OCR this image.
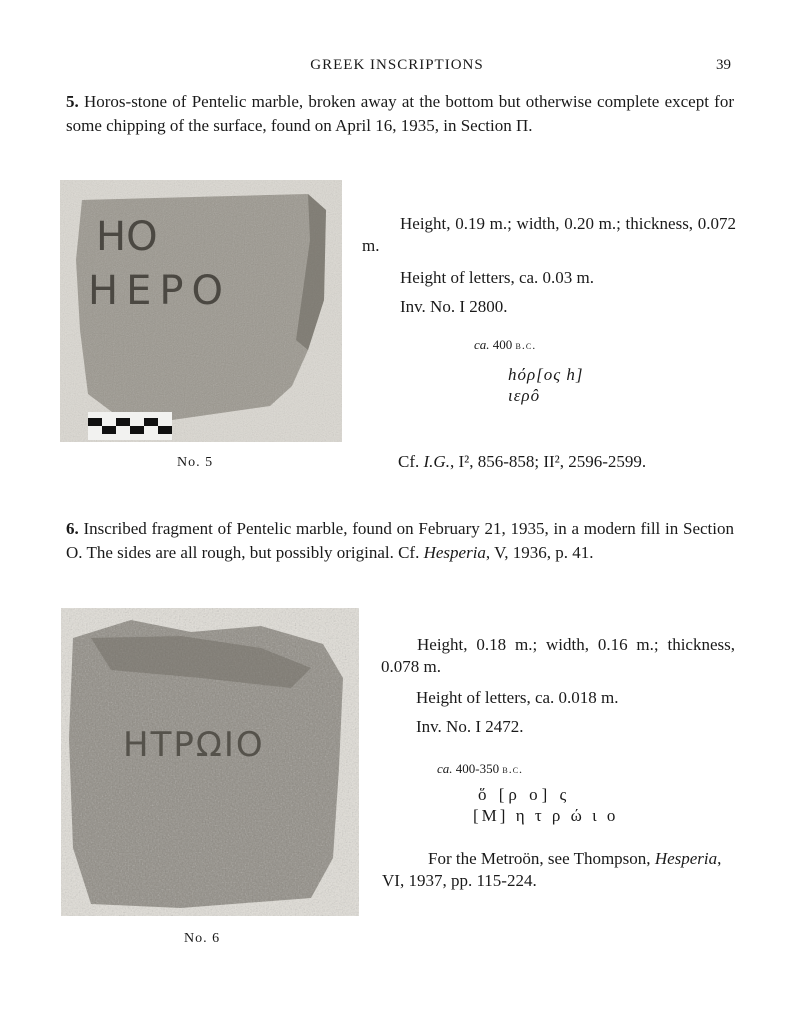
GREEK INSCRIPTIONS	39
5. Horos-stone of Pentelic marble, broken away at the bottom but otherwise complete except for some chipping of the surface, found on April 16, 1935, in Section Π.
ΗΟ
ΗΕΡΟ
No. 5
Height, 0.19 m.; width, 0.20 m.; thickness, 0.072 m.
Height of letters, ca. 0.03 m.
Inv. No. I 2800.
ca. 400 b.c.
hόρ[ος h]
ιερô
Cf. I.G., I², 856-858; II², 2596-2599.
6. Inscribed fragment of Pentelic marble, found on February 21, 1935, in a modern fill in Section O. The sides are all rough, but possibly original. Cf. Hesperia, V, 1936, p. 41.
ΗΤΡΩΙΟ
No. 6
Height, 0.18 m.; width, 0.16 m.; thickness, 0.078 m.
Height of letters, ca. 0.018 m.
Inv. No. I 2472.
ca. 400-350 b.c.
ὅ [ρ ο] ς
[Μ] η τ ρ ώ ι ο
For the Metroön, see Thompson, Hesperia, VI, 1937, pp. 115-224.
